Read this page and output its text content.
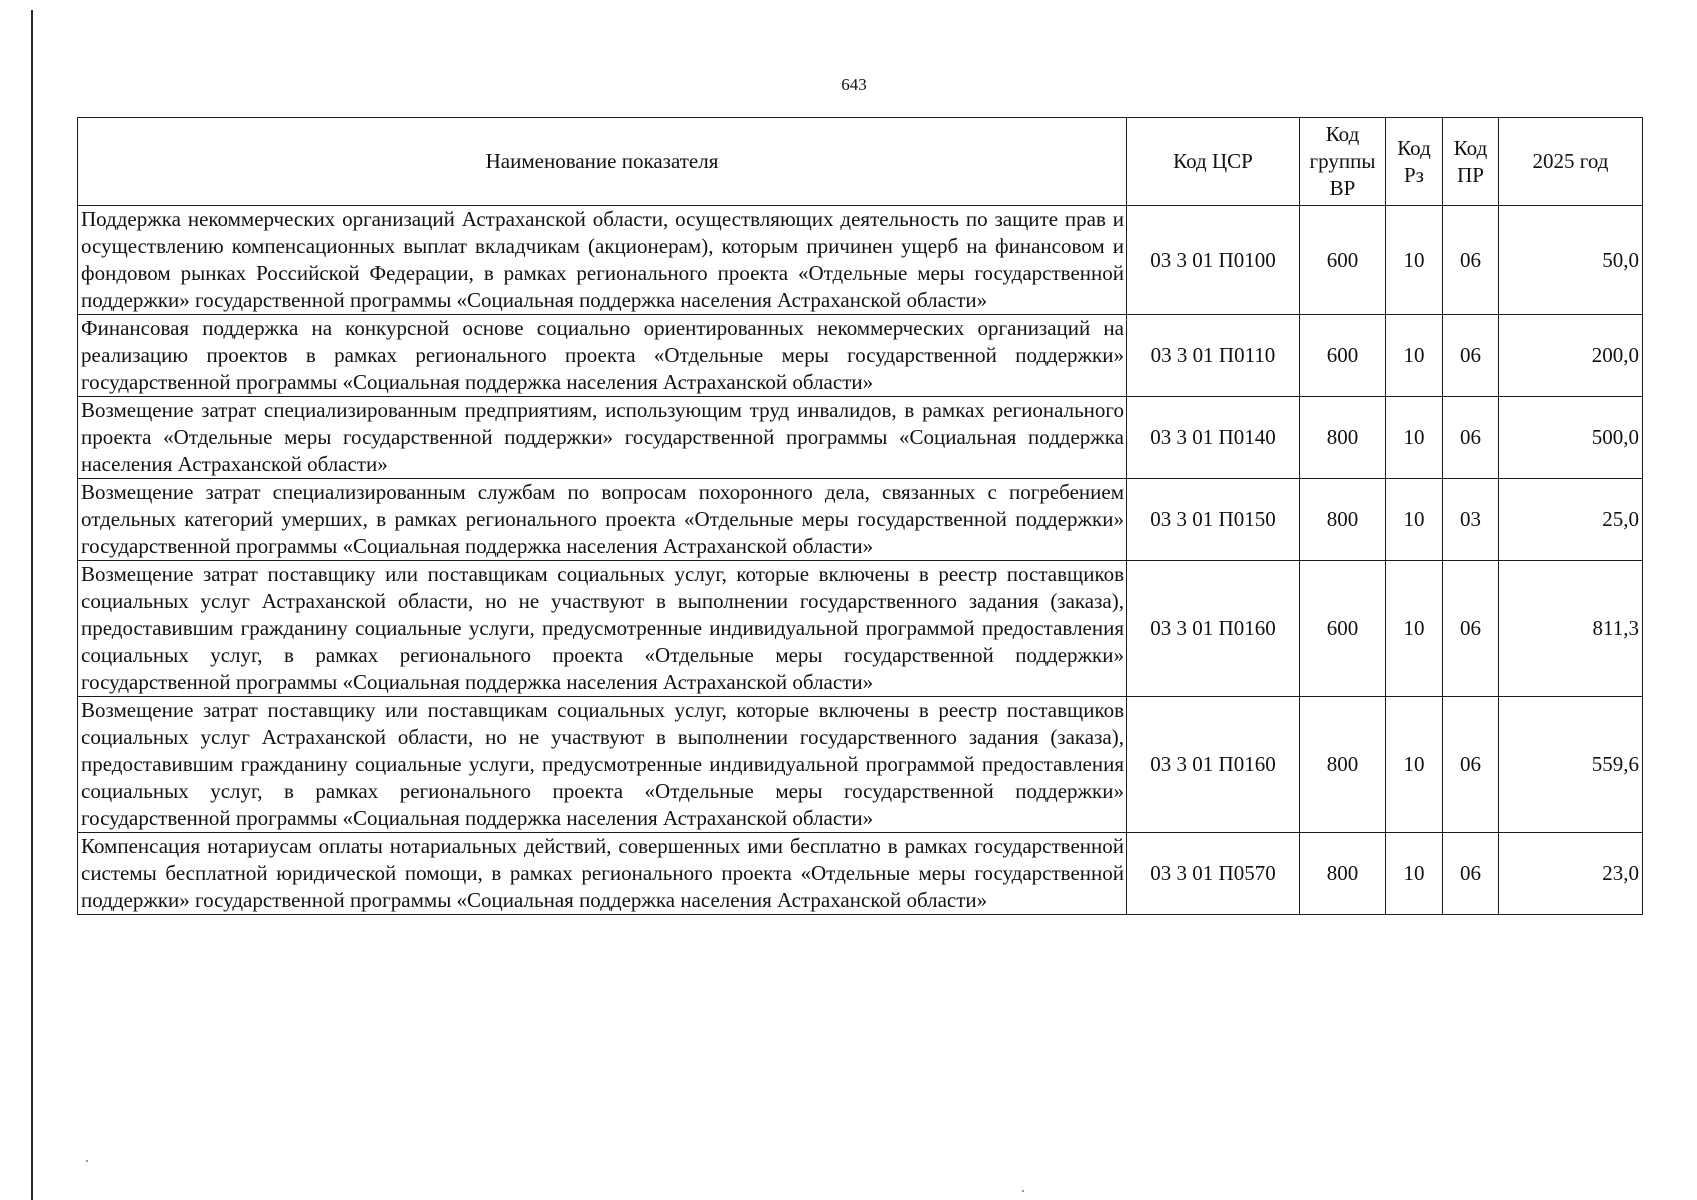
643
Наименование показателя	Код ЦСР	Код группы ВР	Код Рз	Код ПР	2025 год
Поддержка некоммерческих организаций Астраханской области, осуществляющих деятельность по защите прав и осуществлению компенсационных выплат вкладчикам (акционерам), которым причинен ущерб на финансовом и фондовом рынках Российской Федерации, в рамках регионального проекта «Отдельные меры государственной поддержки» государственной программы «Социальная поддержка населения Астраханской области»	03 3 01 П0100	600	10	06	50,0
Финансовая поддержка на конкурсной основе социально ориентированных некоммерческих организаций на реализацию проектов в рамках регионального проекта «Отдельные меры государственной поддержки» государственной программы «Социальная поддержка населения Астраханской области»	03 3 01 П0110	600	10	06	200,0
Возмещение затрат специализированным предприятиям, использующим труд инвалидов, в рамках регионального проекта «Отдельные меры государственной поддержки» государственной программы «Социальная поддержка населения Астраханской области»	03 3 01 П0140	800	10	06	500,0
Возмещение затрат специализированным службам по вопросам похоронного дела, связанных с погребением отдельных категорий умерших, в рамках регионального проекта «Отдельные меры государственной поддержки» государственной программы «Социальная поддержка населения Астраханской области»	03 3 01 П0150	800	10	03	25,0
Возмещение затрат поставщику или поставщикам социальных услуг, которые включены в реестр поставщиков социальных услуг Астраханской области, но не участвуют в выполнении государственного задания (заказа), предоставившим гражданину социальные услуги, предусмотренные индивидуальной программой предоставления социальных услуг, в рамках регионального проекта «Отдельные меры государственной поддержки» государственной программы «Социальная поддержка населения Астраханской области»	03 3 01 П0160	600	10	06	811,3
Возмещение затрат поставщику или поставщикам социальных услуг, которые включены в реестр поставщиков социальных услуг Астраханской области, но не участвуют в выполнении государственного задания (заказа), предоставившим гражданину социальные услуги, предусмотренные индивидуальной программой предоставления социальных услуг, в рамках регионального проекта «Отдельные меры государственной поддержки» государственной программы «Социальная поддержка населения Астраханской области»	03 3 01 П0160	800	10	06	559,6
Компенсация нотариусам оплаты нотариальных действий, совершенных ими бесплатно в рамках государственной системы бесплатной юридической помощи, в рамках регионального проекта «Отдельные меры государственной поддержки» государственной программы «Социальная поддержка населения Астраханской области»	03 3 01 П0570	800	10	06	23,0
